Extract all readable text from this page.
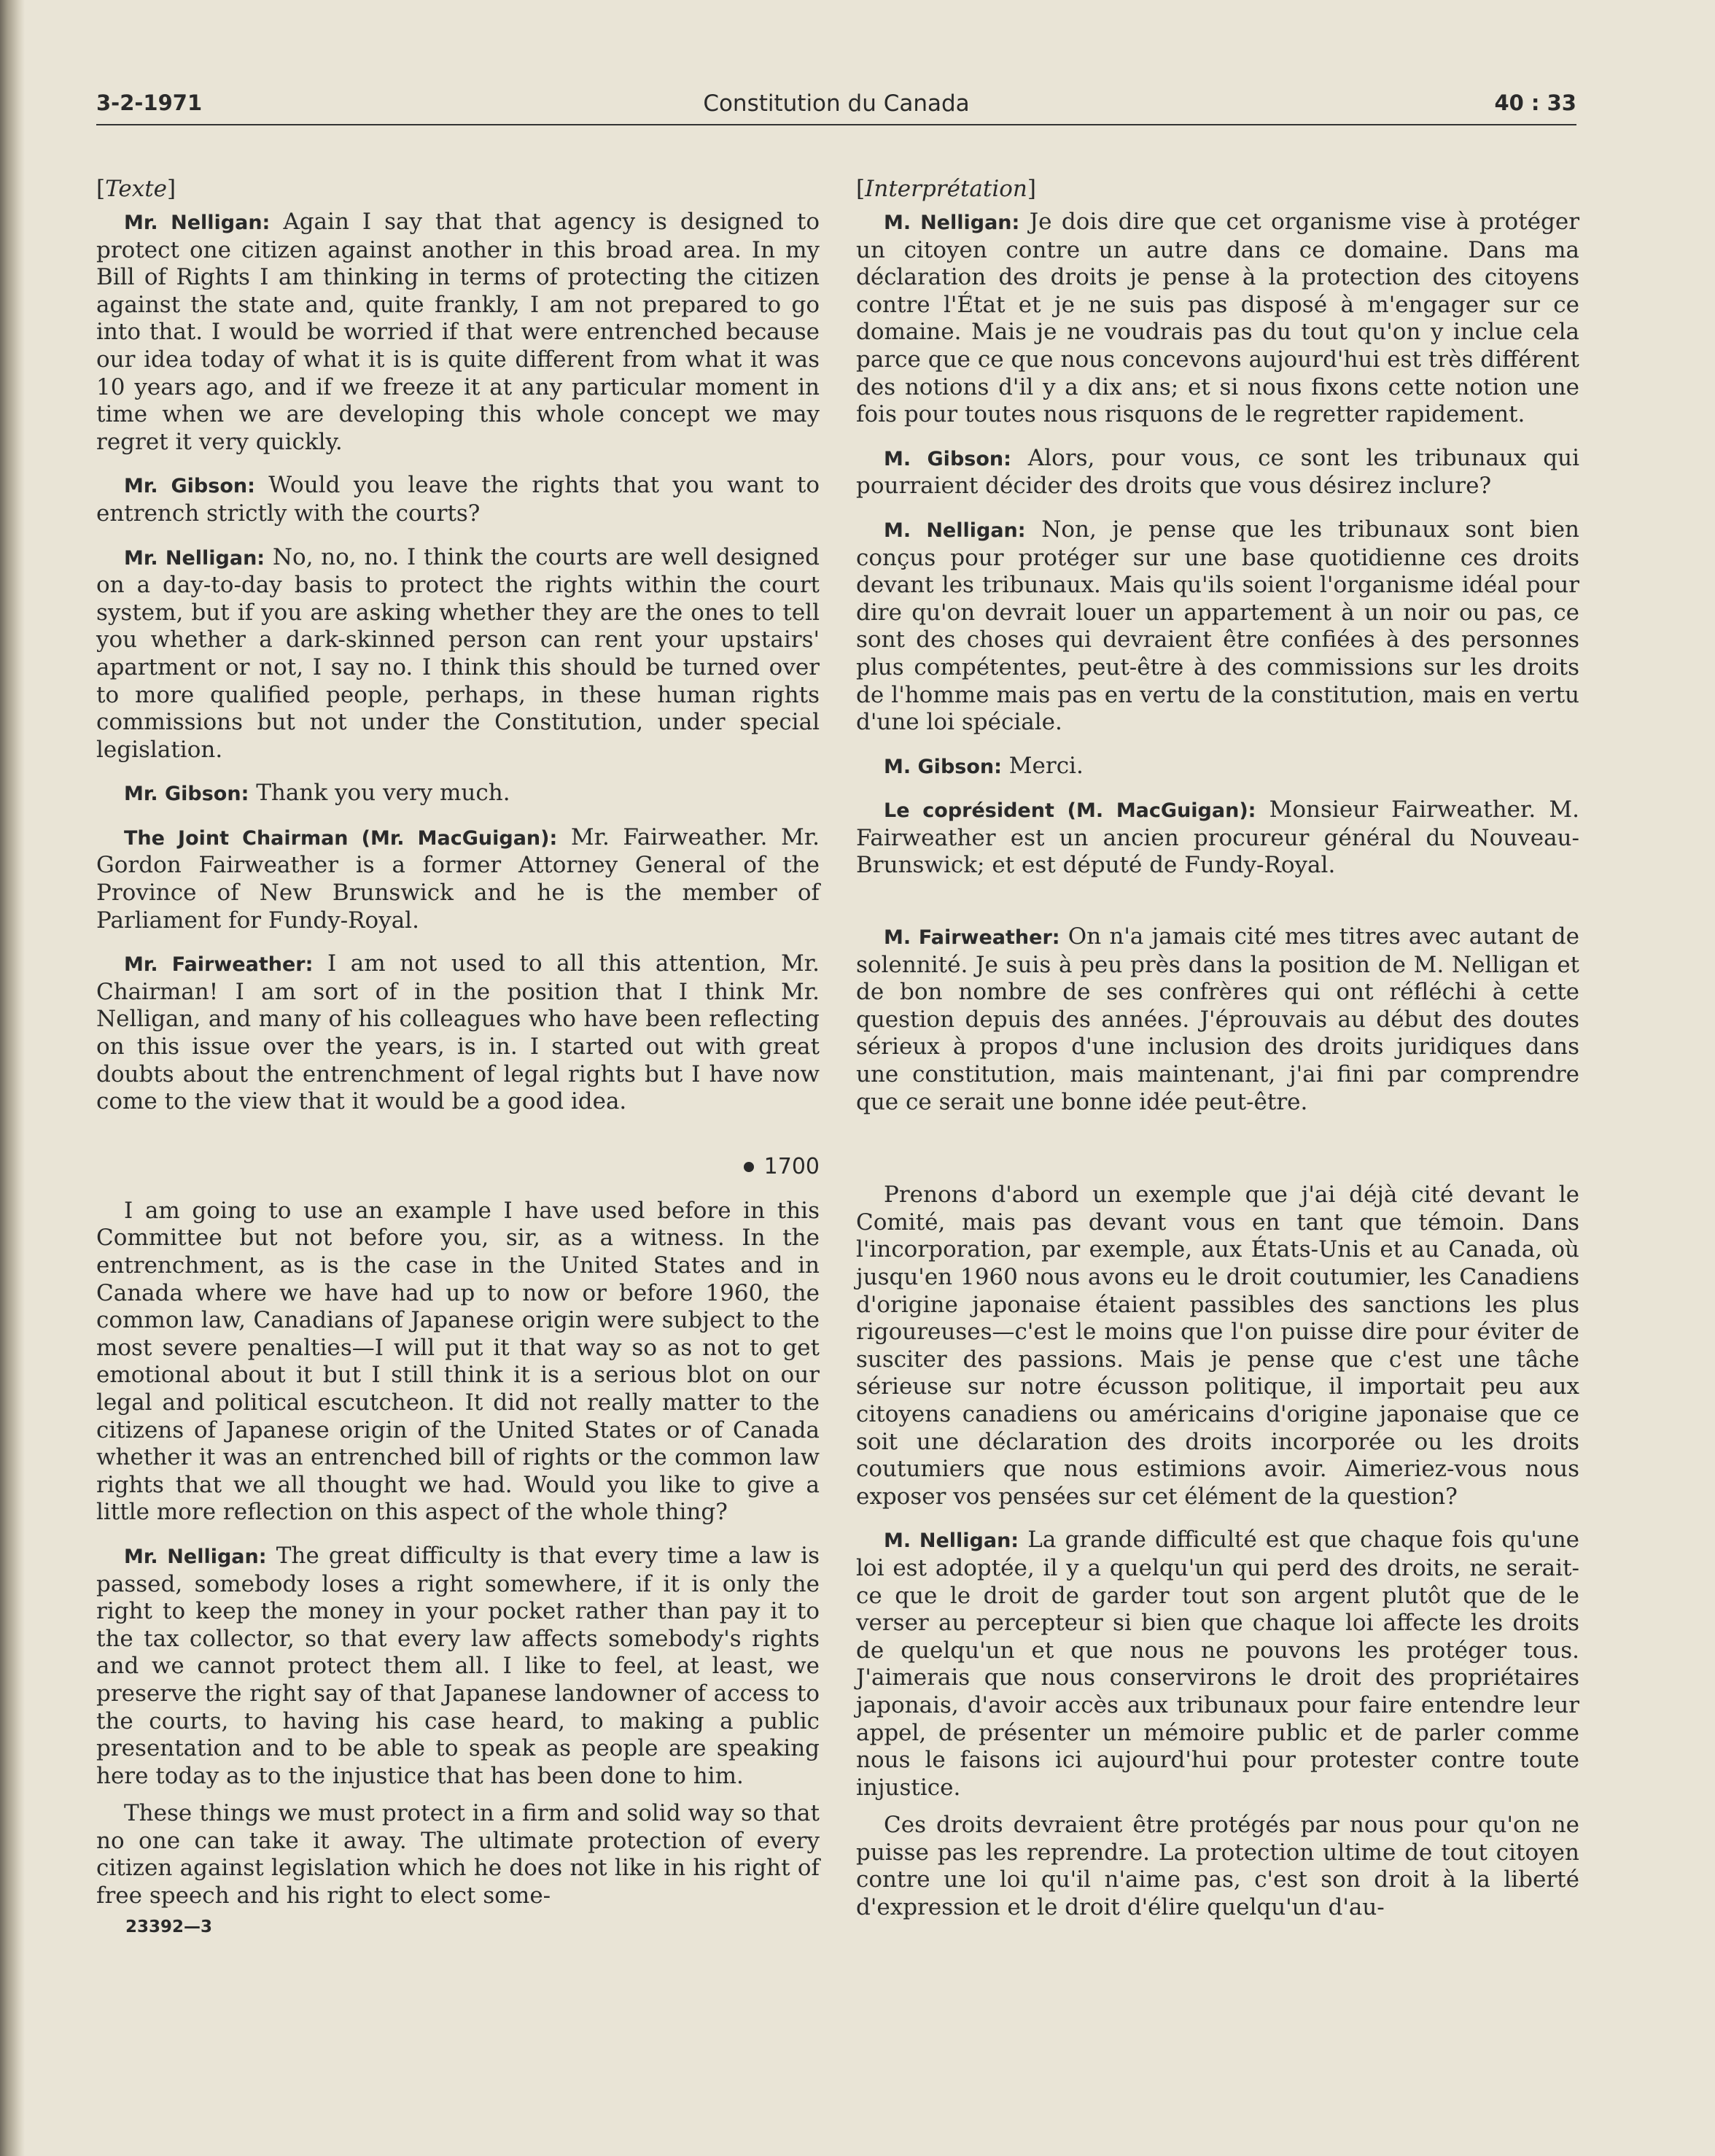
3-2-1971	Constitution du Canada	40 : 33
[Texte]

Mr. Nelligan: Again I say that that agency is designed to protect one citizen against another in this broad area. In my Bill of Rights I am thinking in terms of protecting the citizen against the state and, quite frankly, I am not prepared to go into that. I would be worried if that were entrenched because our idea today of what it is is quite different from what it was 10 years ago, and if we freeze it at any particular moment in time when we are developing this whole concept we may regret it very quickly.

Mr. Gibson: Would you leave the rights that you want to entrench strictly with the courts?

Mr. Nelligan: No, no, no. I think the courts are well designed on a day-to-day basis to protect the rights within the court system, but if you are asking whether they are the ones to tell you whether a dark-skinned person can rent your upstairs' apartment or not, I say no. I think this should be turned over to more qualified people, perhaps, in these human rights commissions but not under the Constitution, under special legislation.

Mr. Gibson: Thank you very much.

The Joint Chairman (Mr. MacGuigan): Mr. Fairweather. Mr. Gordon Fairweather is a former Attorney General of the Province of New Brunswick and he is the member of Parliament for Fundy-Royal.

Mr. Fairweather: I am not used to all this attention, Mr. Chairman! I am sort of in the position that I think Mr. Nelligan, and many of his colleagues who have been reflecting on this issue over the years, is in. I started out with great doubts about the entrenchment of legal rights but I have now come to the view that it would be a good idea.

1700

I am going to use an example I have used before in this Committee but not before you, sir, as a witness. In the entrenchment, as is the case in the United States and in Canada where we have had up to now or before 1960, the common law, Canadians of Japanese origin were subject to the most severe penalties—I will put it that way so as not to get emotional about it but I still think it is a serious blot on our legal and political escutcheon. It did not really matter to the citizens of Japanese origin of the United States or of Canada whether it was an entrenched bill of rights or the common law rights that we all thought we had. Would you like to give a little more reflection on this aspect of the whole thing?

Mr. Nelligan: The great difficulty is that every time a law is passed, somebody loses a right somewhere, if it is only the right to keep the money in your pocket rather than pay it to the tax collector, so that every law affects somebody's rights and we cannot protect them all. I like to feel, at least, we preserve the right say of that Japanese landowner of access to the courts, to having his case heard, to making a public presentation and to be able to speak as people are speaking here today as to the injustice that has been done to him.

These things we must protect in a firm and solid way so that no one can take it away. The ultimate protection of every citizen against legislation which he does not like in his right of free speech and his right to elect some-

23392—3
[Interprétation]

M. Nelligan: Je dois dire que cet organisme vise à protéger un citoyen contre un autre dans ce domaine. Dans ma déclaration des droits je pense à la protection des citoyens contre l'État et je ne suis pas disposé à m'engager sur ce domaine. Mais je ne voudrais pas du tout qu'on y inclue cela parce que ce que nous concevons aujourd'hui est très différent des notions d'il y a dix ans; et si nous fixons cette notion une fois pour toutes nous risquons de le regretter rapidement.

M. Gibson: Alors, pour vous, ce sont les tribunaux qui pourraient décider des droits que vous désirez inclure?

M. Nelligan: Non, je pense que les tribunaux sont bien conçus pour protéger sur une base quotidienne ces droits devant les tribunaux. Mais qu'ils soient l'organisme idéal pour dire qu'on devrait louer un appartement à un noir ou pas, ce sont des choses qui devraient être confiées à des personnes plus compétentes, peut-être à des commissions sur les droits de l'homme mais pas en vertu de la constitution, mais en vertu d'une loi spéciale.

M. Gibson: Merci.

Le coprésident (M. MacGuigan): Monsieur Fairweather. M. Fairweather est un ancien procureur général du Nouveau-Brunswick; et est député de Fundy-Royal.

M. Fairweather: On n'a jamais cité mes titres avec autant de solennité. Je suis à peu près dans la position de M. Nelligan et de bon nombre de ses confrères qui ont réfléchi à cette question depuis des années. J'éprouvais au début des doutes sérieux à propos d'une inclusion des droits juridiques dans une constitution, mais maintenant, j'ai fini par comprendre que ce serait une bonne idée peut-être.

Prenons d'abord un exemple que j'ai déjà cité devant le Comité, mais pas devant vous en tant que témoin. Dans l'incorporation, par exemple, aux États-Unis et au Canada, où jusqu'en 1960 nous avons eu le droit coutumier, les Canadiens d'origine japonaise étaient passibles des sanctions les plus rigoureuses—c'est le moins que l'on puisse dire pour éviter de susciter des passions. Mais je pense que c'est une tâche sérieuse sur notre écusson politique, il importait peu aux citoyens canadiens ou américains d'origine japonaise que ce soit une déclaration des droits incorporée ou les droits coutumiers que nous estimions avoir. Aimeriez-vous nous exposer vos pensées sur cet élément de la question?

M. Nelligan: La grande difficulté est que chaque fois qu'une loi est adoptée, il y a quelqu'un qui perd des droits, ne serait-ce que le droit de garder tout son argent plutôt que de le verser au percepteur si bien que chaque loi affecte les droits de quelqu'un et que nous ne pouvons les protéger tous. J'aimerais que nous conservirons le droit des propriétaires japonais, d'avoir accès aux tribunaux pour faire entendre leur appel, de présenter un mémoire public et de parler comme nous le faisons ici aujourd'hui pour protester contre toute injustice.

Ces droits devraient être protégés par nous pour qu'on ne puisse pas les reprendre. La protection ultime de tout citoyen contre une loi qu'il n'aime pas, c'est son droit à la liberté d'expression et le droit d'élire quelqu'un d'au-
